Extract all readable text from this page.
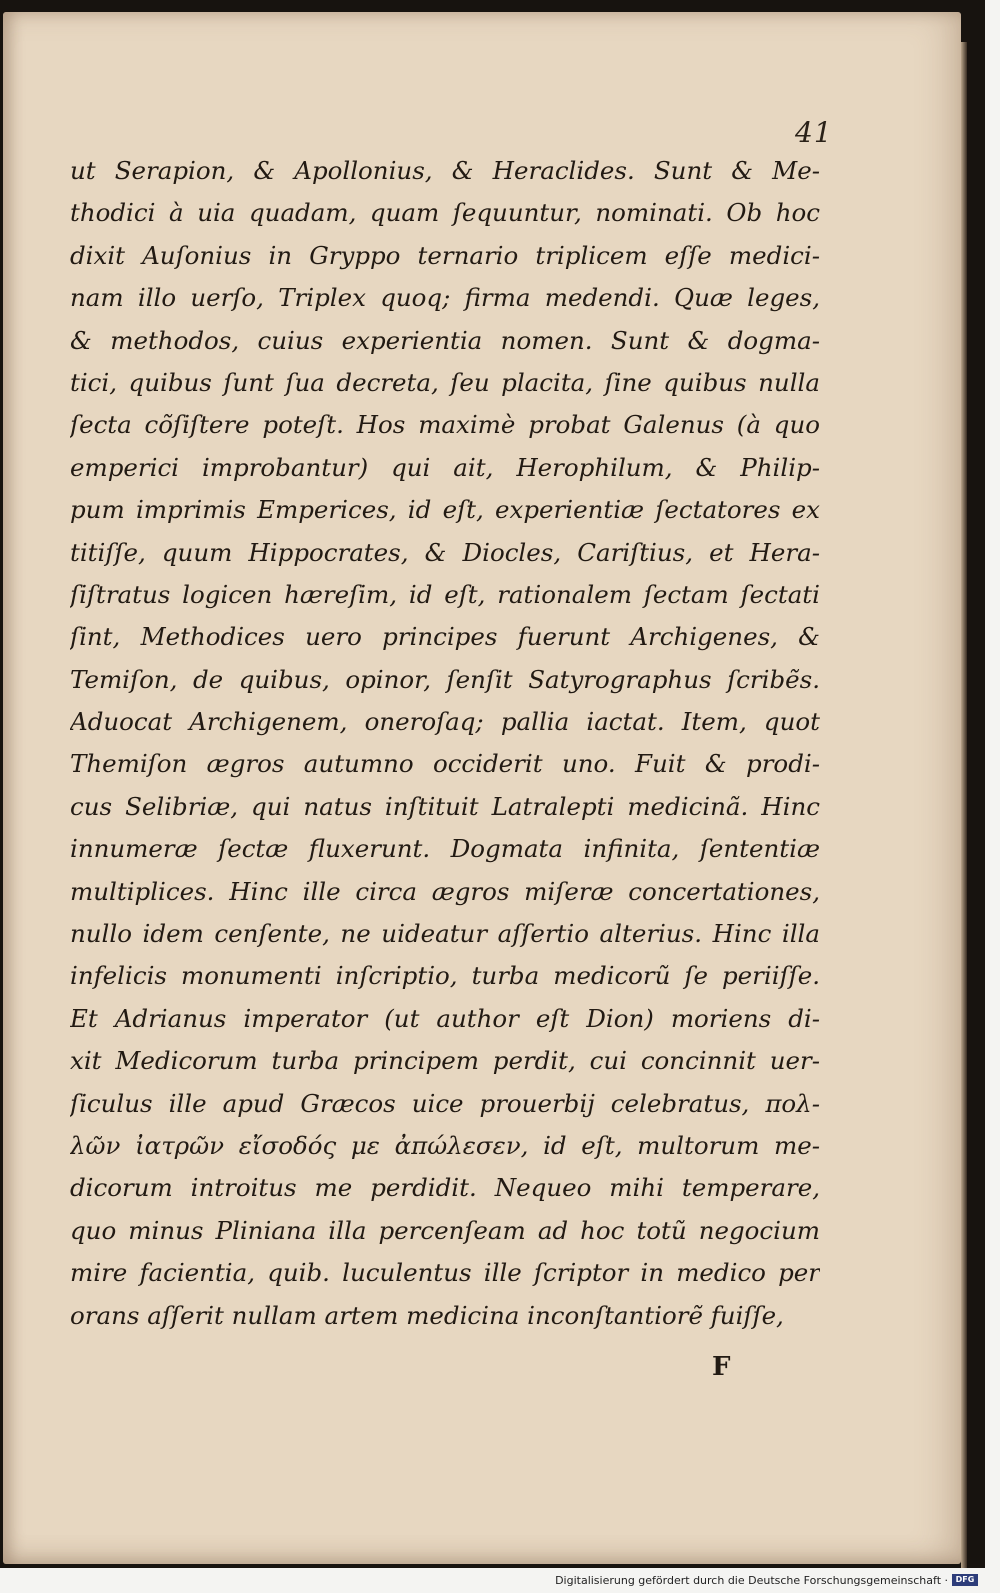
41
ut Serapion, & Apollonius, & Heraclides. Sunt & Me-
thodici à uia quadam, quam ſequuntur, nominati. Ob hoc
dixit Auſonius in Gryppo ternario triplicem eſſe medici-
nam illo uerſo, Triplex quoq; firma medendi. Quæ leges,
& methodos, cuius experientia nomen. Sunt & dogma-
tici, quibus ſunt ſua decreta, ſeu placita, ſine quibus nulla
ſecta cõſiſtere poteſt. Hos maximè probat Galenus (à quo
emperici improbantur) qui ait, Herophilum, & Philip-
pum imprimis Emperices, id eſt, experientiæ ſectatores ex
titiſſe, quum Hippocrates, & Diocles, Cariſtius, et Hera-
ſiſtratus logicen hæreſim, id eſt, rationalem ſectam ſectati
ſint, Methodices uero principes fuerunt Archigenes, &
Temiſon, de quibus, opinor, ſenſit Satyrographus ſcribẽs.
Aduocat Archigenem, oneroſaq; pallia iactat. Item, quot
Themiſon ægros autumno occiderit uno. Fuit & prodi-
cus Selibriæ, qui natus inſtituit Latralepti medicinã. Hinc
innumeræ ſectæ fluxerunt. Dogmata infinita, ſententiæ
multiplices. Hinc ille circa ægros miſeræ concertationes,
nullo idem cenſente, ne uideatur aſſertio alterius. Hinc illa
infelicis monumenti inſcriptio, turba medicorũ ſe periiſſe.
Et Adrianus imperator (ut author eſt Dion) moriens di-
xit Medicorum turba principem perdit, cui concinnit uer-
ſiculus ille apud Græcos uice prouerbij celebratus, πολ-
λῶν ἰατρῶν εἴσοδός με ἀπώλεσεν, id eſt, multorum me-
dicorum introitus me perdidit. Nequeo mihi temperare,
quo minus Pliniana illa percenſeam ad hoc totũ negocium
mire facientia, quib. luculentus ille ſcriptor in medico per
orans aſſerit nullam artem medicina inconſtantiorẽ fuiſſe,
F
Digitalisierung gefördert durch die Deutsche Forschungsgemeinschaft · DFG
